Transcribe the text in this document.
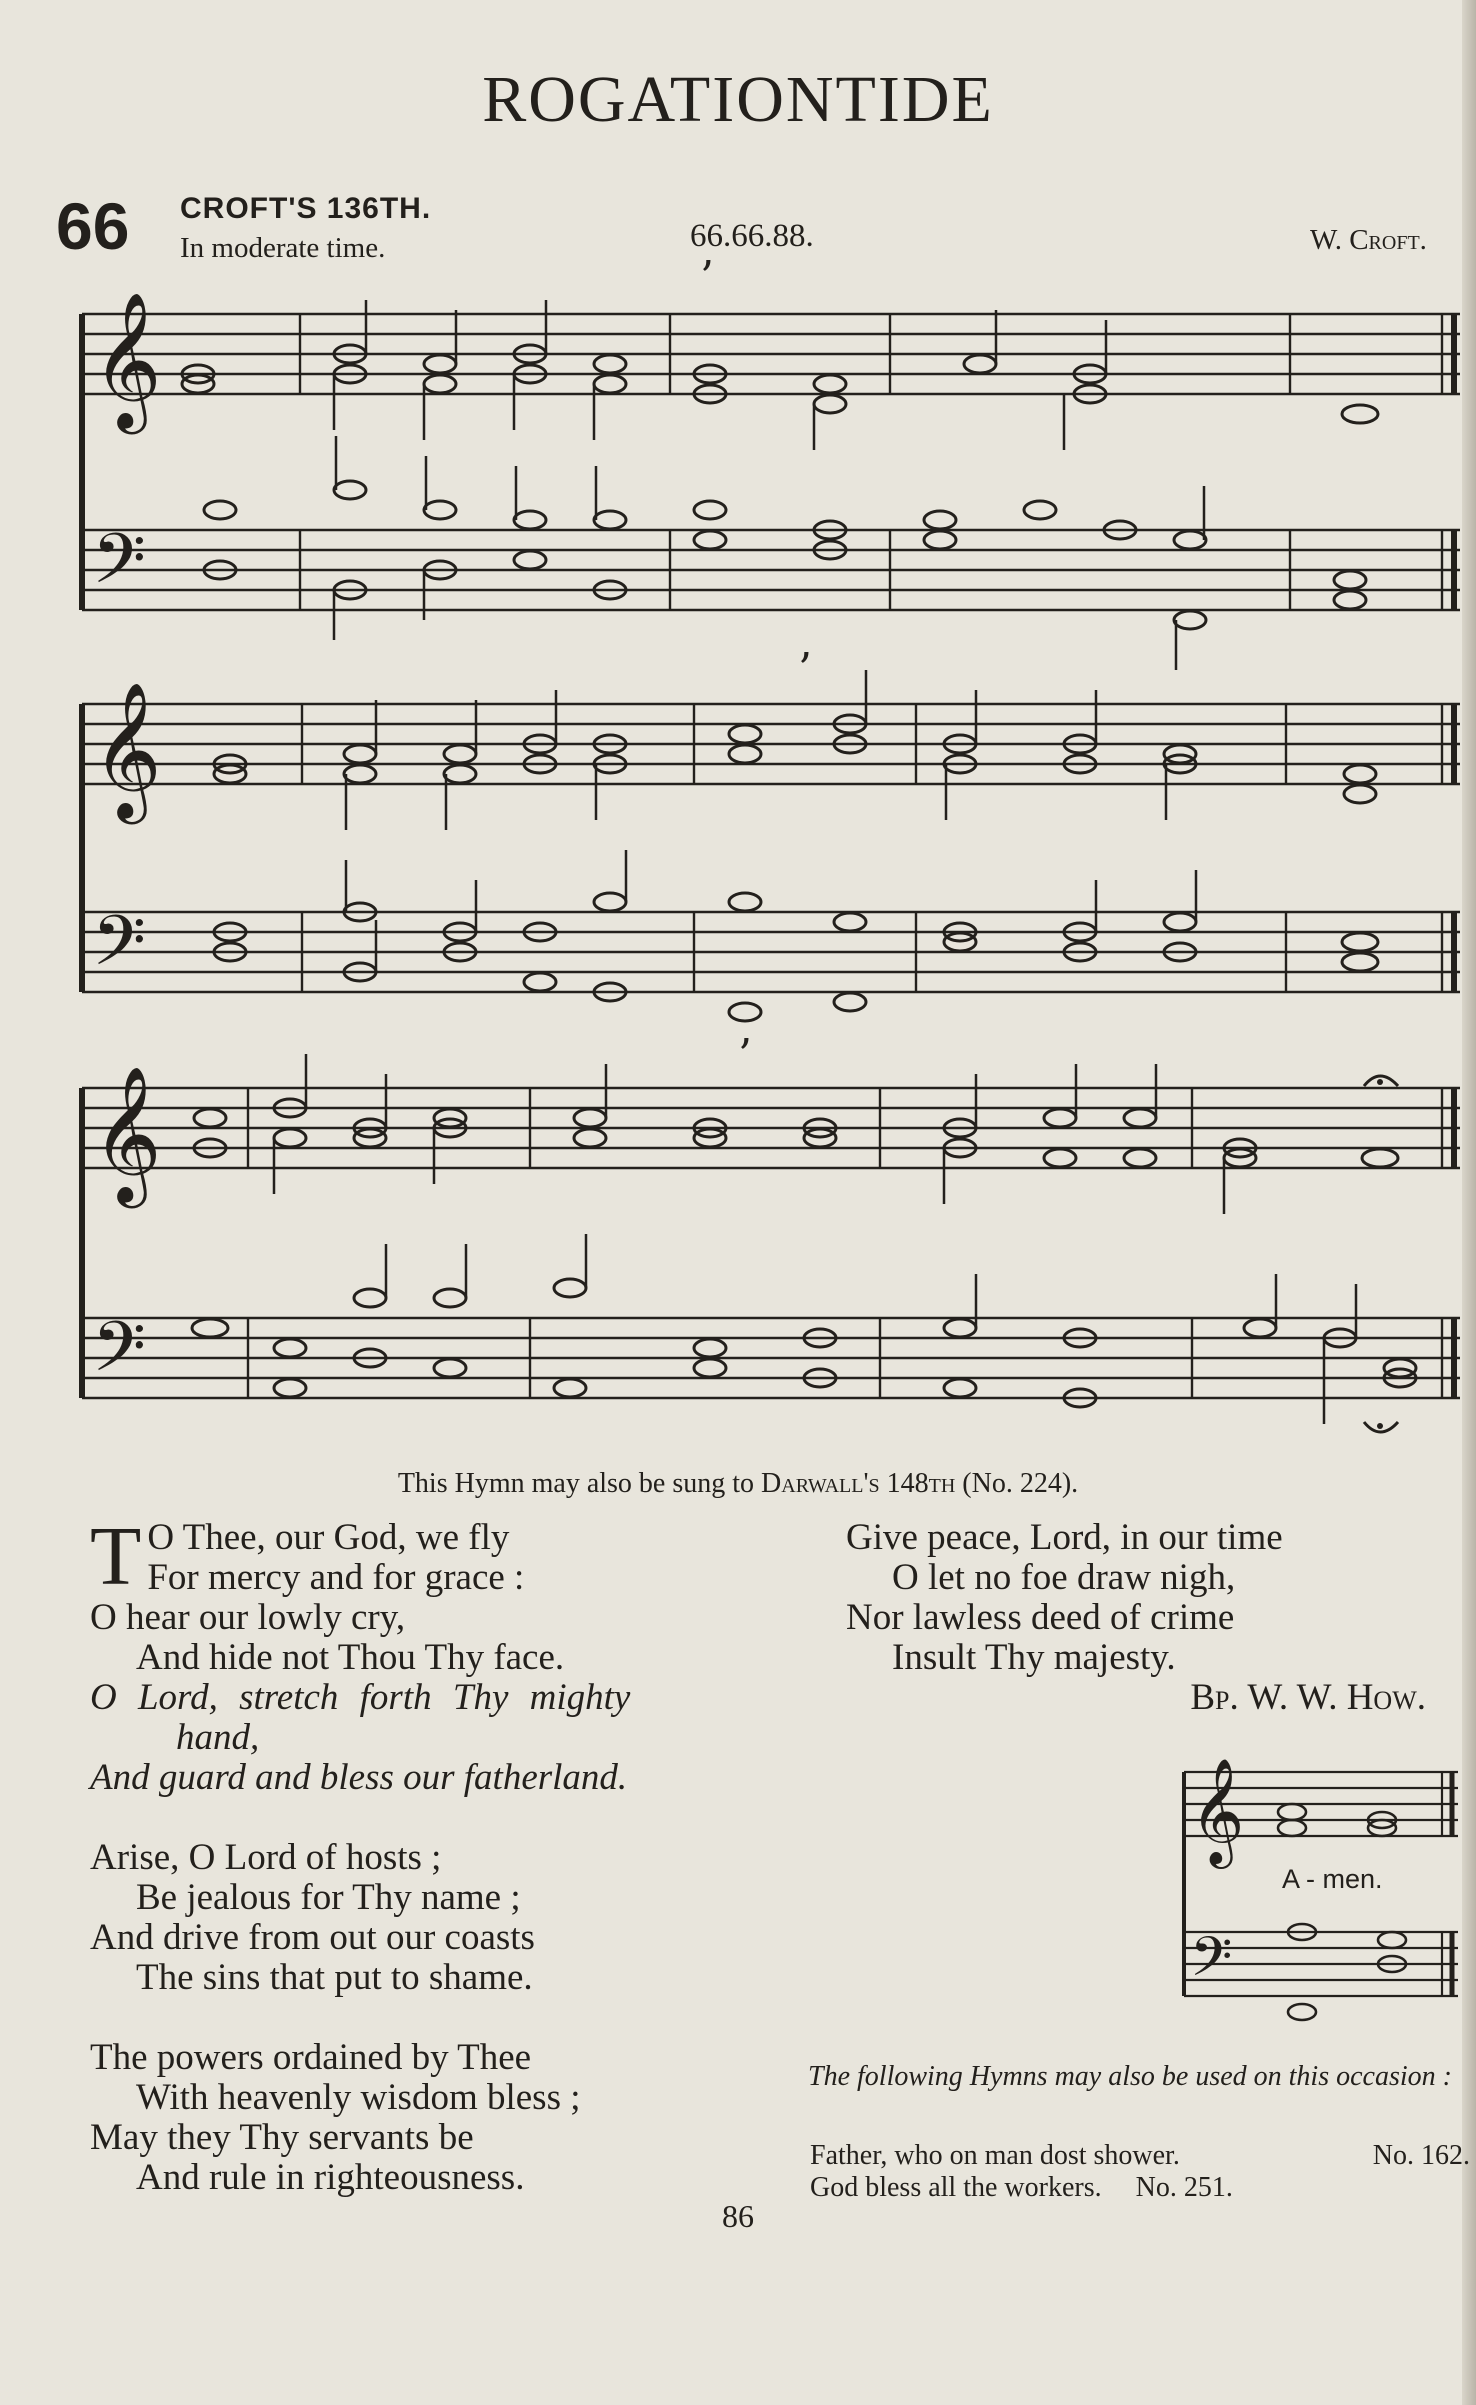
ROGATIONTIDE
66 CROFT'S 136TH.
In moderate time.	66.66.88.	W. Croft.
𝄞
𝄢
’
𝄞
𝄢
’
𝄞
𝄢
’
This Hymn may also be sung to Darwall's 148th (No. 224).
T O Thee, our God, we fly
For mercy and for grace :
O hear our lowly cry,
And hide not Thou Thy face.
O Lord, stretch forth Thy mighty
hand,
And guard and bless our fatherland.
Arise, O Lord of hosts ;
Be jealous for Thy name ;
And drive from out our coasts
The sins that put to shame.
The powers ordained by Thee
With heavenly wisdom bless ;
May they Thy servants be
And rule in righteousness.
Give peace, Lord, in our time
O let no foe draw nigh,
Nor lawless deed of crime
Insult Thy majesty.
Bp. W. W. How.
𝄞
𝄢
A - men.
The following Hymns may also be used on this occasion :
Father, who on man dost shower.	No. 162.
God bless all the workers. No. 251.
86
